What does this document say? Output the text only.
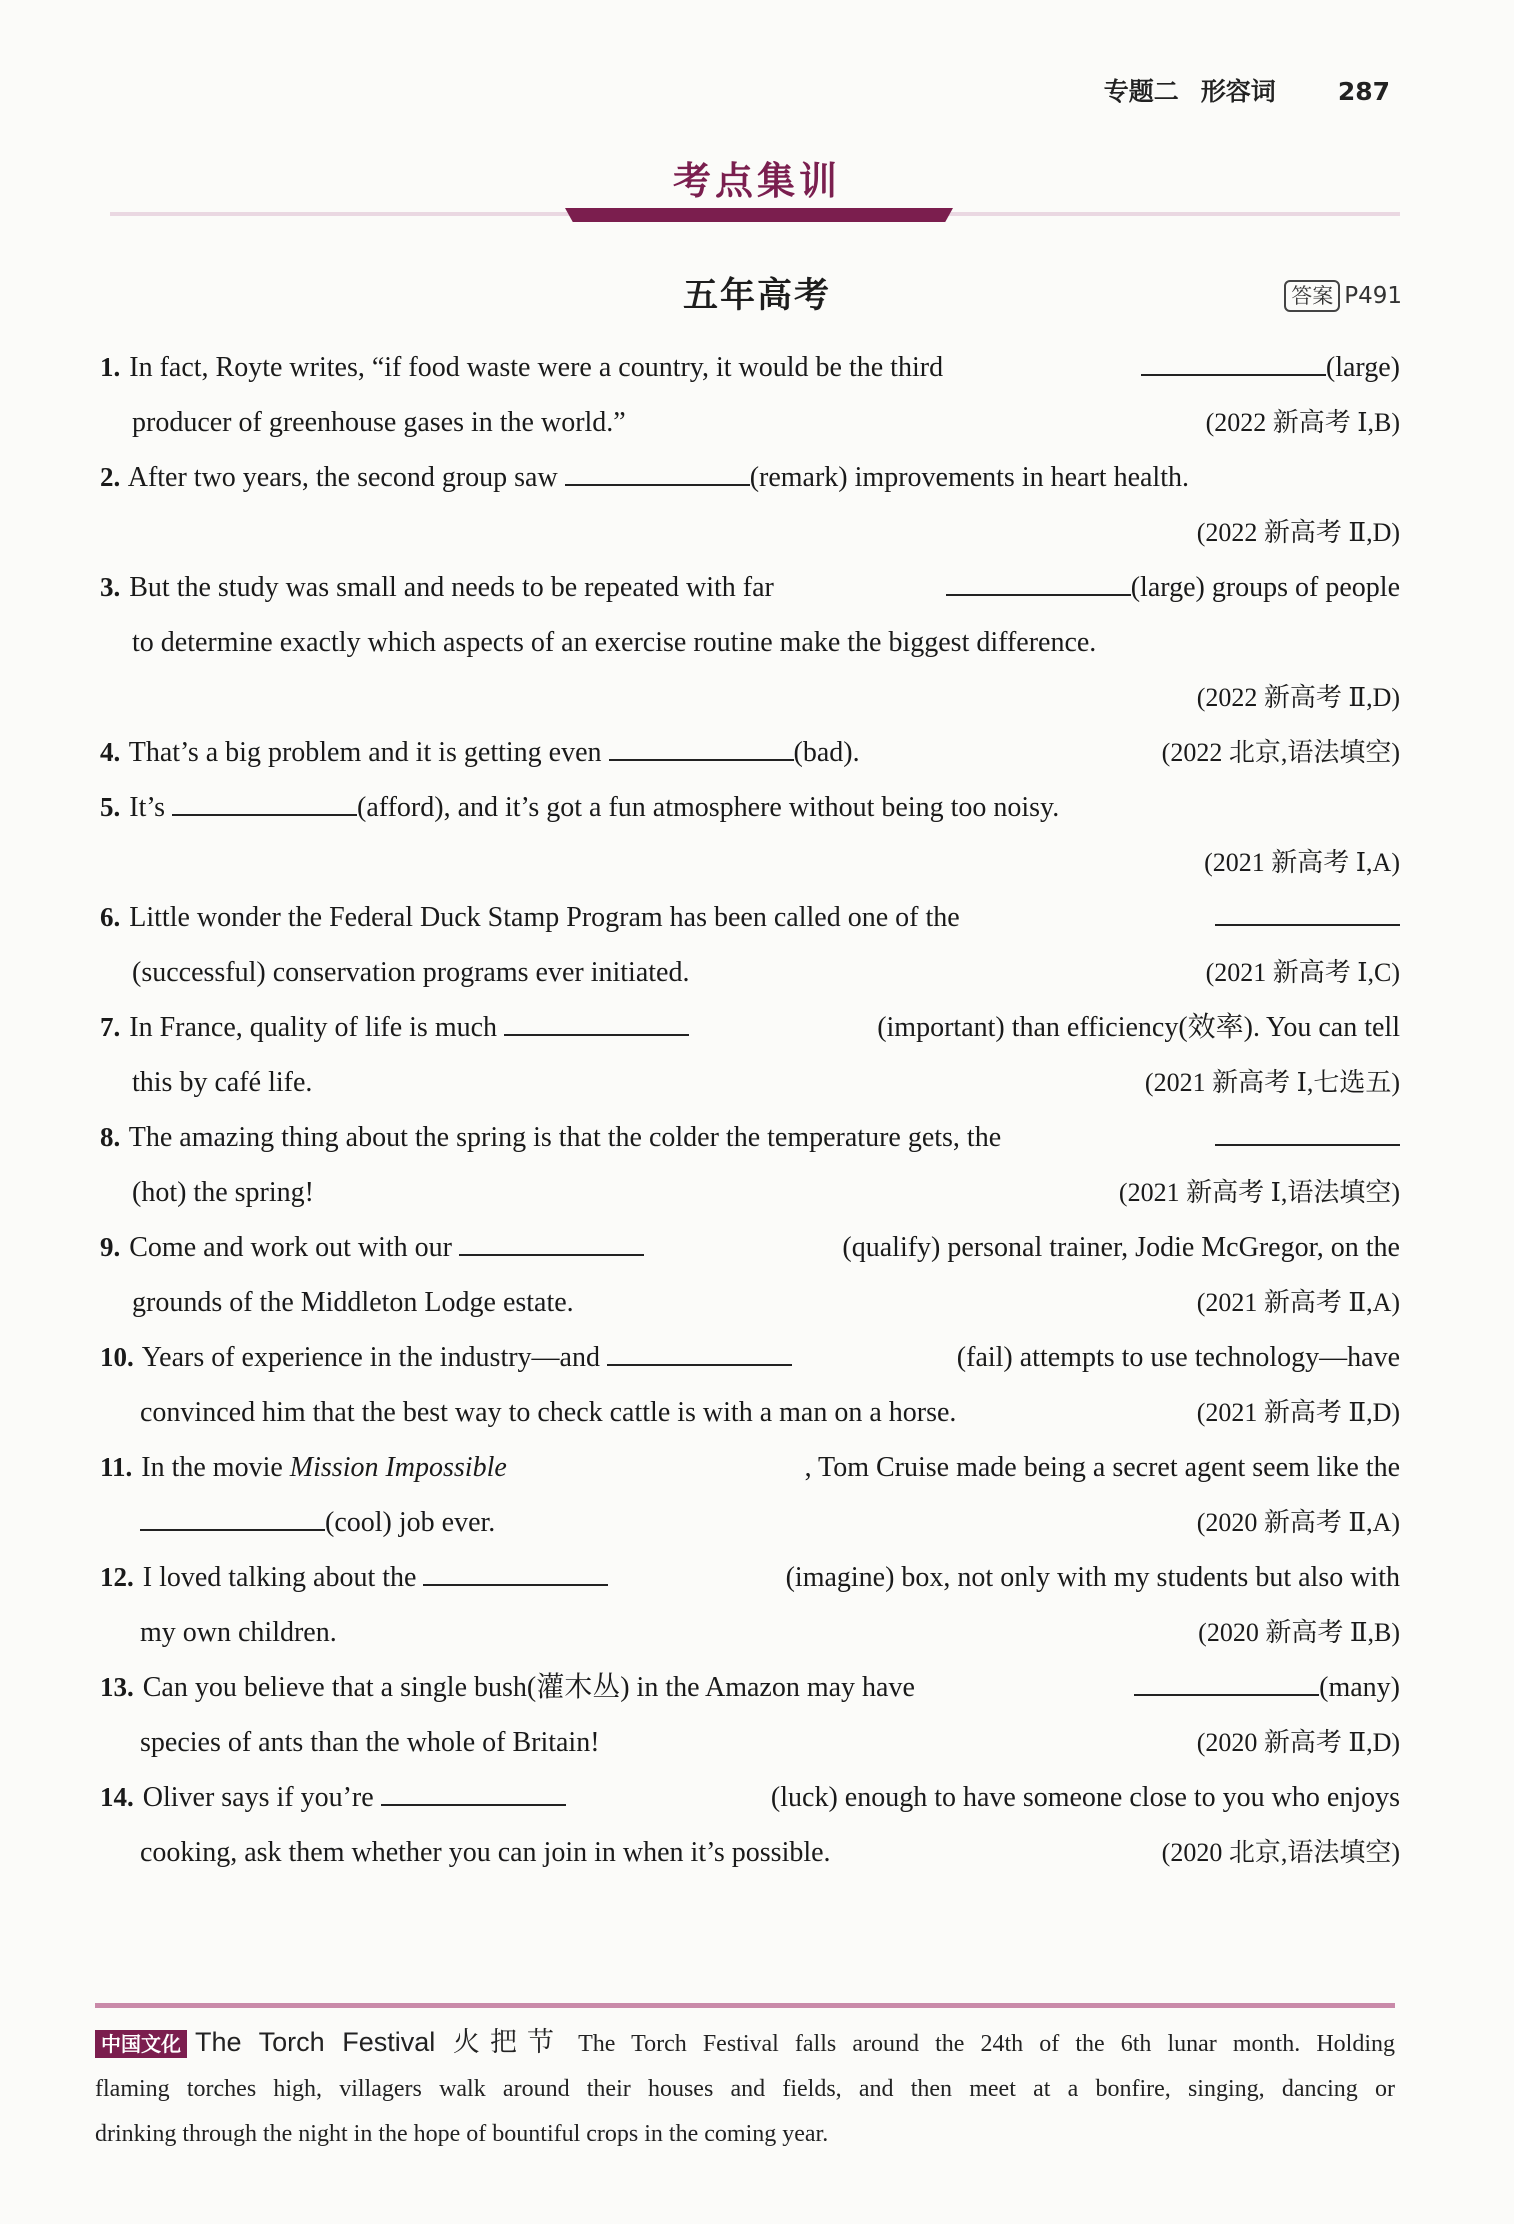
专题二 形容词 287
考点集训
五年高考	答案 P491
1. In fact, Royte writes, “if food waste were a country, it would be the third	(large)
producer of greenhouse gases in the world.”	(2022 新高考 Ⅰ,B)
2. After two years, the second group saw	(remark) improvements in heart health.
(2022 新高考 Ⅱ,D)
3. But the study was small and needs to be repeated with far	(large) groups of people
to determine exactly which aspects of an exercise routine make the biggest difference.
(2022 新高考 Ⅱ,D)
4. That’s a big problem and it is getting even	(bad).	(2022 北京,语法填空)
5. It’s	(afford), and it’s got a fun atmosphere without being too noisy.
(2021 新高考 Ⅰ,A)
6. Little wonder the Federal Duck Stamp Program has been called one of the
(successful) conservation programs ever initiated.	(2021 新高考 Ⅰ,C)
7. In France, quality of life is much	(important) than efficiency(效率). You can tell
this by café life.	(2021 新高考 Ⅰ,七选五)
8. The amazing thing about the spring is that the colder the temperature gets, the
(hot) the spring!	(2021 新高考 Ⅰ,语法填空)
9. Come and work out with our	(qualify) personal trainer, Jodie McGregor, on the
grounds of the Middleton Lodge estate.	(2021 新高考 Ⅱ,A)
10. Years of experience in the industry—and	(fail) attempts to use technology—have
convinced him that the best way to check cattle is with a man on a horse.	(2021 新高考 Ⅱ,D)
11. In the movie Mission Impossible	, Tom Cruise made being a secret agent seem like the
(cool) job ever.	(2020 新高考 Ⅱ,A)
12. I loved talking about the	(imagine) box, not only with my students but also with
my own children.	(2020 新高考 Ⅱ,B)
13. Can you believe that a single bush(灌木丛) in the Amazon may have	(many)
species of ants than the whole of Britain!	(2020 新高考 Ⅱ,D)
14. Oliver says if you’re	(luck) enough to have someone close to you who enjoys
cooking, ask them whether you can join in when it’s possible.	(2020 北京,语法填空)
中国文化 The Torch Festival 火把节 The Torch Festival falls around the 24th of the 6th lunar month. Holding
flaming torches high, villagers walk around their houses and fields, and then meet at a bonfire, singing, dancing or
drinking through the night in the hope of bountiful crops in the coming year.
